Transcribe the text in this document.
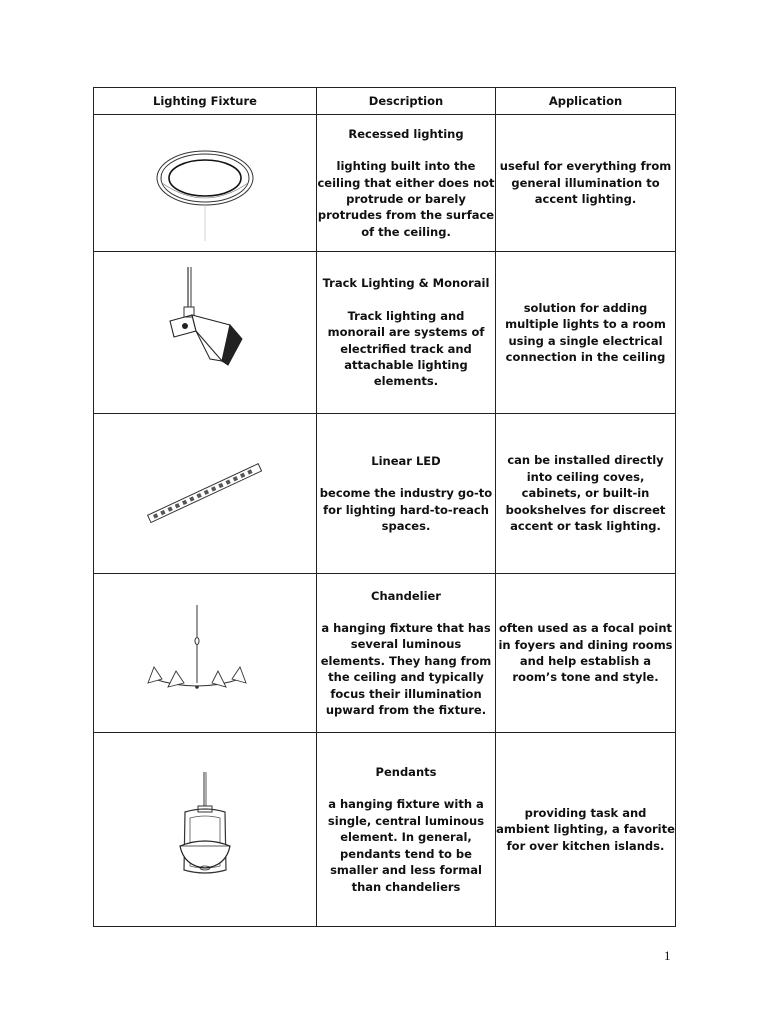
Lighting Fixture	Description	Application

Recessed lighting
lighting built into the ceiling that either does not protrude or barely protrudes from the surface of the ceiling.	useful for everything from general illumination to accent lighting.

Track Lighting & Monorail
Track lighting and monorail are systems of electrified track and attachable lighting elements.	solution for adding multiple lights to a room using a single electrical connection in the ceiling

Linear LED
become the industry go-to for lighting hard-to-reach spaces.	can be installed directly into ceiling coves, cabinets, or built-in bookshelves for discreet accent or task lighting.

Chandelier
a hanging fixture that has several luminous elements. They hang from the ceiling and typically focus their illumination upward from the fixture.	often used as a focal point in foyers and dining rooms and help establish a room’s tone and style.

Pendants
a hanging fixture with a single, central luminous element. In general, pendants tend to be smaller and less formal than chandeliers	providing task and ambient lighting, a favorite for over kitchen islands.
1
